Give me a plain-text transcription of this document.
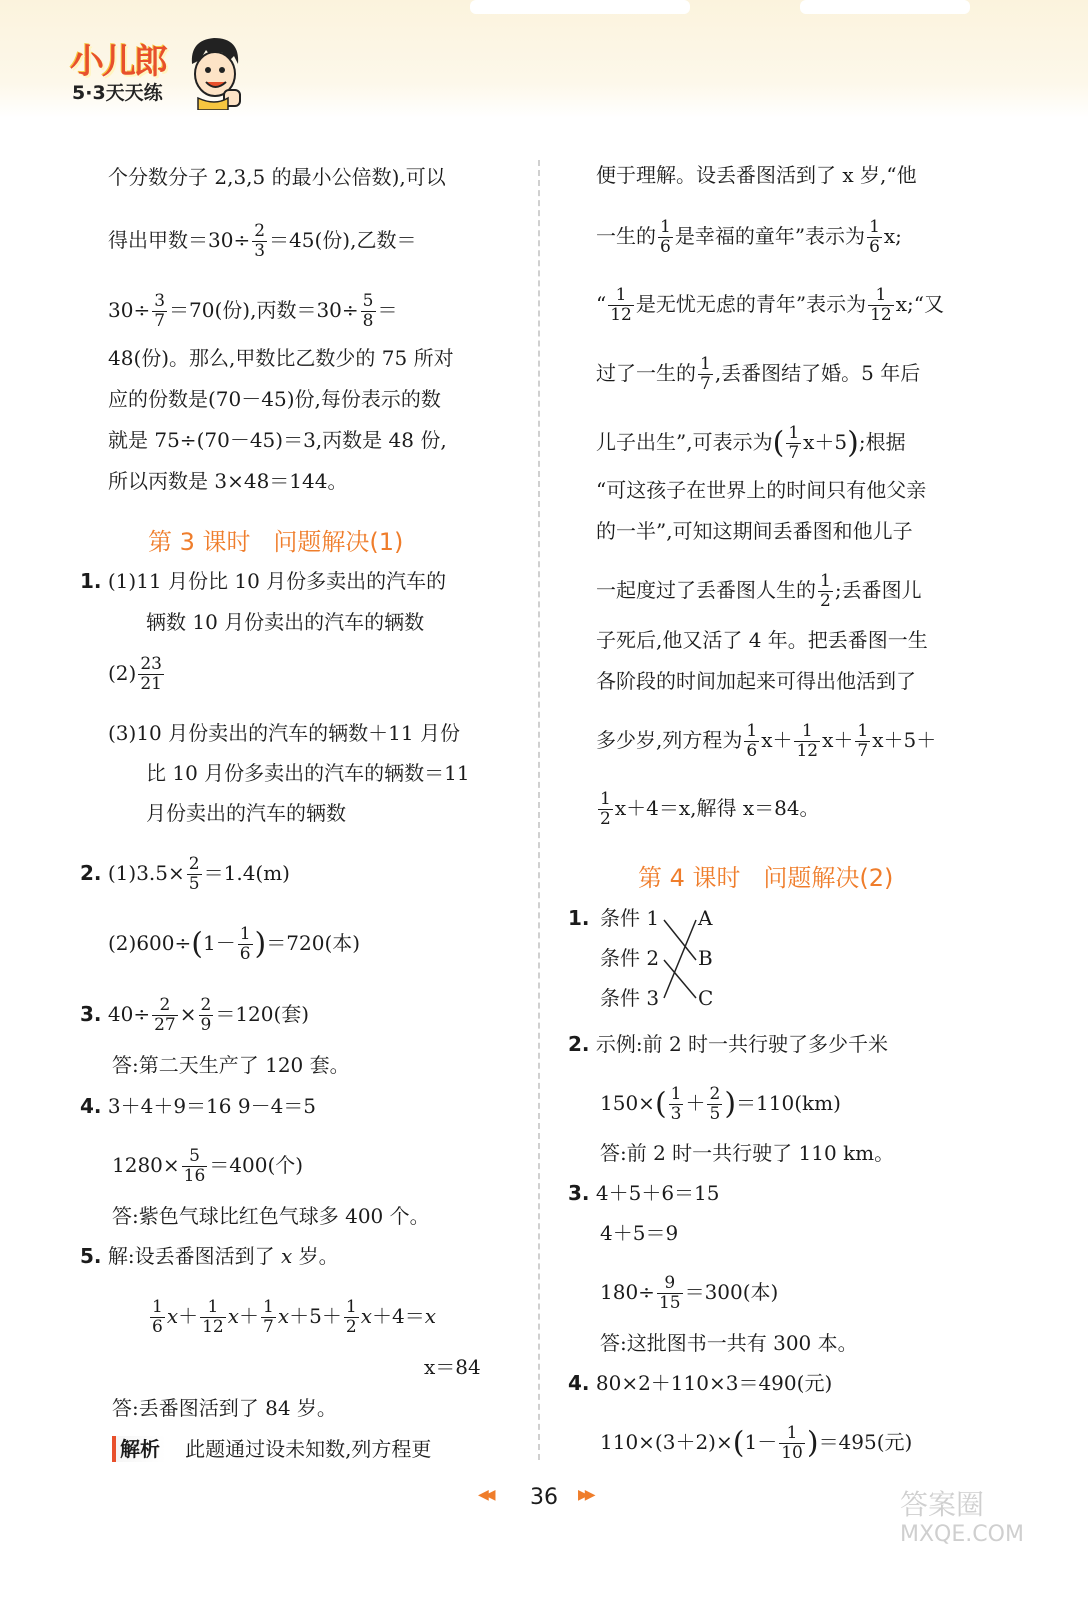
小儿郎
5·3天天练
个分数分子 2,3,5 的最小公倍数),可以
得出甲数$=30\div \frac{2}{3} =45$(份),乙数＝
$30\div \frac{3}{7} =70$(份),丙数$=30\div \frac{5}{8}$ ＝
48(份)。那么,甲数比乙数少的 75 所对
应的份数是(70－45)份,每份表示的数
就是 75÷(70－45)＝3,丙数是 48 份,
所以丙数是 3×48＝144。
第 3 课时 问题解决(1)
1. (1)11 月份比 10 月份多卖出的汽车的
辆数 10 月份卖出的汽车的辆数
$(2) \frac{23}{21}$
(3)10 月份卖出的汽车的辆数＋11 月份
比 10 月份多卖出的汽车的辆数＝11
月份卖出的汽车的辆数
2. $(1)3.5\times \frac{2}{5} =1.4(m)$
$(2)600\div(1- \frac{1}{6} )=720$(本)
3. $40\div \frac{2}{27} \times \frac{2}{9} =120$(套)
答:第二天生产了 120 套。
4. 3＋4＋9＝16 9－4＝5
$1280\times \frac{5}{16} =400$(个)
答:紫色气球比红色气球多 400 个。
5. 解:设丢番图活到了 x 岁。
$\frac{1}{6} x+ \frac{1}{12} x+ \frac{1}{7} x+5+ \frac{1}{2} x+4=x$
x＝84
答:丢番图活到了 84 岁。
解析 此题通过设未知数,列方程更
便于理解。设丢番图活到了 x 岁,“他
一生的 $\frac{1}{6}$ 是幸福的童年”表示为 $\frac{1}{6} x$;
“ $\frac{1}{12}$ 是无忧无虑的青年”表示为 $\frac{1}{12}$ x;“又
过了一生的 $\frac{1}{7}$ ,丢番图结了婚。5 年后
儿子出生”,可表示为( $\frac{1}{7} x+5$);根据
“可这孩子在世界上的时间只有他父亲
的一半”,可知这期间丢番图和他儿子
一起度过了丢番图人生的 $\frac{1}{2}$ ;丢番图儿
子死后,他又活了 4 年。把丢番图一生
各阶段的时间加起来可得出他活到了
多少岁,列方程为 $\frac{1}{6} x+ \frac{1}{12} x+ \frac{1}{7} x+5+$
$\frac{1}{2} x+4=x$,解得 x＝84。
第 4 课时 问题解决(2)
1. 条件 1
条件 2
条件 3
A
B
C
2. 示例:前 2 时一共行驶了多少千米
$150\times( \frac{1}{3} + \frac{2}{5} )=110(km)$
答:前 2 时一共行驶了 110 km。
3. 4＋5＋6＝15
4＋5＝9
$180\div \frac{9}{15} =300$(本)
答:这批图书一共有 300 本。
4. 80×2＋110×3＝490(元)
$110\times(3+2)\times(1- \frac{1}{10} )=495$(元)
◀◀ 36 ▶▶	答案圈
MXQE.COM
